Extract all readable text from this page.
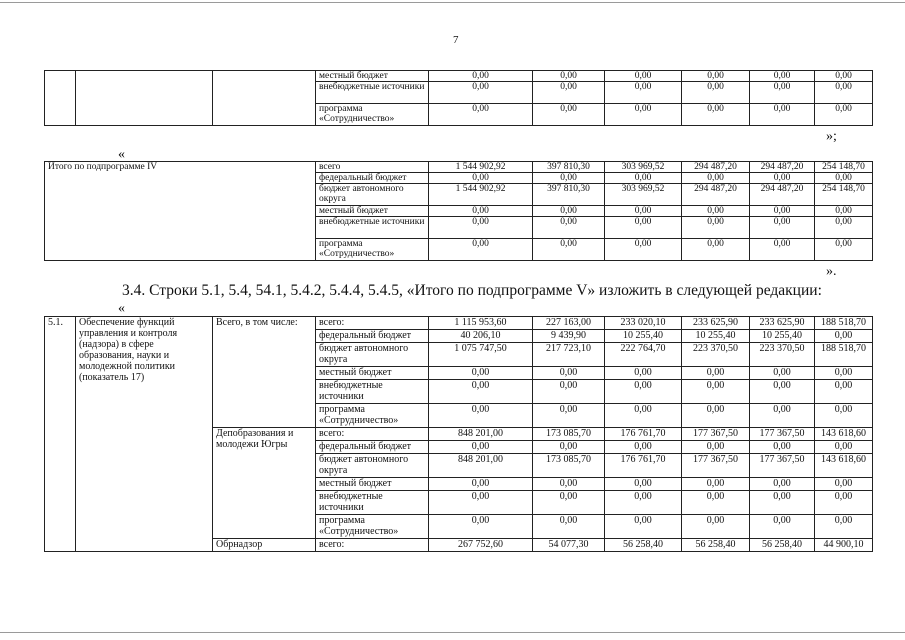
7
			местный бюджет	0,00	0,00	0,00	0,00	0,00	0,00
			внебюджетные источники	0,00	0,00	0,00	0,00	0,00	0,00
			программа «Сотрудничество»	0,00	0,00	0,00	0,00	0,00	0,00
»;
«
Итого по подпрограмме IV	всего	1 544 902,92	397 810,30	303 969,52	294 487,20	294 487,20	254 148,70
	федеральный бюджет	0,00	0,00	0,00	0,00	0,00	0,00
	бюджет автономного округа	1 544 902,92	397 810,30	303 969,52	294 487,20	294 487,20	254 148,70
	местный бюджет	0,00	0,00	0,00	0,00	0,00	0,00
	внебюджетные источники	0,00	0,00	0,00	0,00	0,00	0,00
	программа «Сотрудничество»	0,00	0,00	0,00	0,00	0,00	0,00
».
3.4. Строки 5.1, 5.4, 54.1, 5.4.2, 5.4.4, 5.4.5, «Итого по подпрограмме V» изложить в следующей редакции:
«
5.1.	Обеспечение функций управления и контроля (надзора) в сфере образования, науки и молодежной политики (показатель 17)	Всего, в том числе:	всего:	1 115 953,60	227 163,00	233 020,10	233 625,90	233 625,90	188 518,70
			федеральный бюджет	40 206,10	9 439,90	10 255,40	10 255,40	10 255,40	0,00
			бюджет автономного округа	1 075 747,50	217 723,10	222 764,70	223 370,50	223 370,50	188 518,70
			местный бюджет	0,00	0,00	0,00	0,00	0,00	0,00
			внебюджетные источники	0,00	0,00	0,00	0,00	0,00	0,00
			программа «Сотрудничество»	0,00	0,00	0,00	0,00	0,00	0,00
		Депобразования и молодежи Югры	всего:	848 201,00	173 085,70	176 761,70	177 367,50	177 367,50	143 618,60
			федеральный бюджет	0,00	0,00	0,00	0,00	0,00	0,00
			бюджет автономного округа	848 201,00	173 085,70	176 761,70	177 367,50	177 367,50	143 618,60
			местный бюджет	0,00	0,00	0,00	0,00	0,00	0,00
			внебюджетные источники	0,00	0,00	0,00	0,00	0,00	0,00
			программа «Сотрудничество»	0,00	0,00	0,00	0,00	0,00	0,00
		Обрнадзор	всего:	267 752,60	54 077,30	56 258,40	56 258,40	56 258,40	44 900,10
